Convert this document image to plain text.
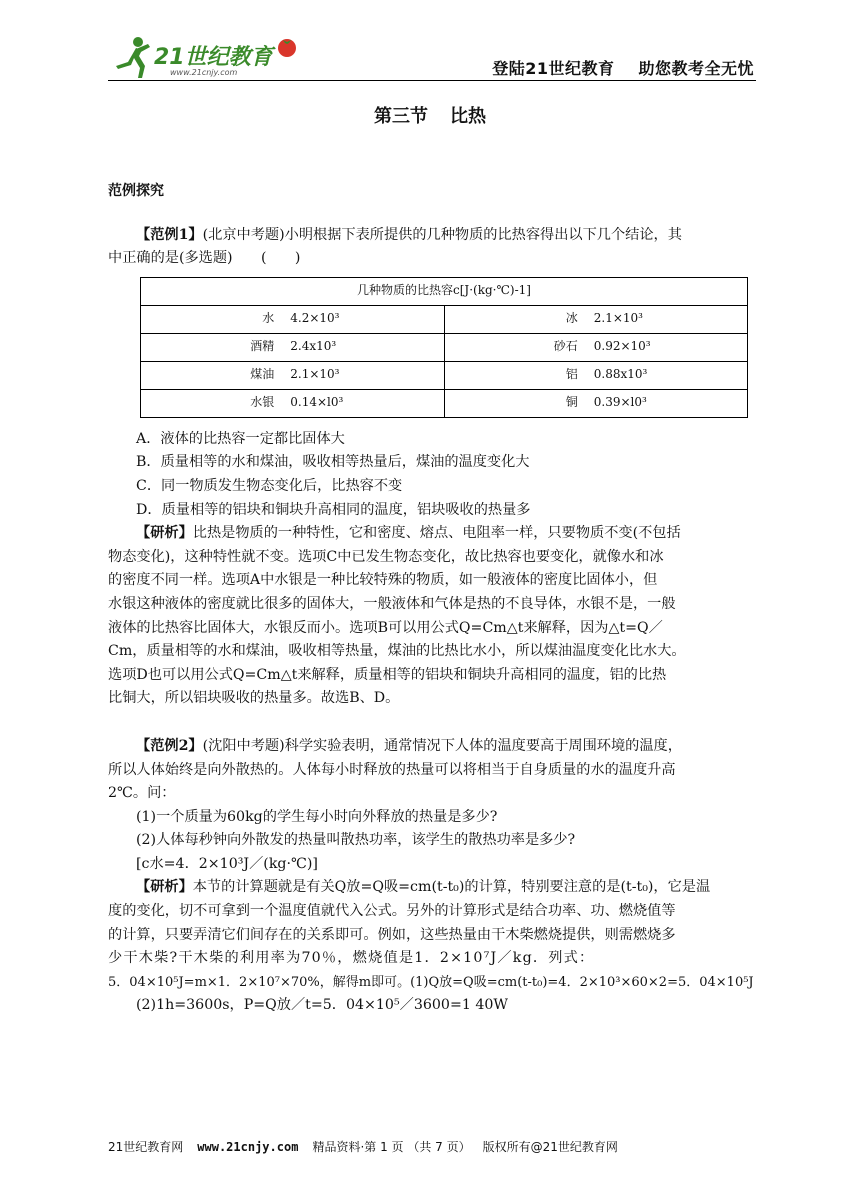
21世纪教育
www.21cnjy.com	登陆21世纪教育 助您教考全无忧
第三节 比热
范例探究

【范例1】(北京中考题)小明根据下表所提供的几种物质的比热容得出以下几个结论，其

中正确的是(多选题)　　(　　)

几种物质的比热容c[J·(kg·℃)-1]	
水 4.2×10³	冰 2.1×10³
酒精 2.4x10³	砂石 0.92×10³
煤油 2.1×10³	铝 0.88x10³
水银 0.14×l0³	铜 0.39×l0³

A．液体的比热容一定都比固体大

B．质量相等的水和煤油，吸收相等热量后，煤油的温度变化大

C．同一物质发生物态变化后，比热容不变

D．质量相等的铝块和铜块升高相同的温度，铝块吸收的热量多

【研析】比热是物质的一种特性，它和密度、熔点、电阻率一样，只要物质不变(不包括

物态变化)，这种特性就不变。选项C中已发生物态变化，故比热容也要变化，就像水和冰

的密度不同一样。选项A中水银是一种比较特殊的物质，如一般液体的密度比固体小，但

水银这种液体的密度就比很多的固体大，一般液体和气体是热的不良导体，水银不是，一般

液体的比热容比固体大，水银反而小。选项B可以用公式Q=Cm△t来解释，因为△t=Q／

Cm，质量相等的水和煤油，吸收相等热量，煤油的比热比水小，所以煤油温度变化比水大。

选项D也可以用公式Q=Cm△t来解释，质量相等的铝块和铜块升高相同的温度，铝的比热

比铜大，所以铝块吸收的热量多。故选B、D。

【范例2】(沈阳中考题)科学实验表明，通常情况下人体的温度要高于周围环境的温度，

所以人体始终是向外散热的。人体每小时释放的热量可以将相当于自身质量的水的温度升高

2℃。问：

(1)一个质量为60kg的学生每小时向外释放的热量是多少?

(2)人体每秒钟向外散发的热量叫散热功率，该学生的散热功率是多少?

[c水=4．2×10³J／(kg·℃)]

【研析】本节的计算题就是有关Q放=Q吸=cm(t-t₀)的计算，特别要注意的是(t-t₀)，它是温

度的变化，切不可拿到一个温度值就代入公式。另外的计算形式是结合功率、功、燃烧值等

的计算，只要弄清它们间存在的关系即可。例如，这些热量由干木柴燃烧提供，则需燃烧多

少干木柴?干木柴的利用率为70％，燃烧值是1．2×10⁷J／kg．列式：

5．04×10⁵J=m×1．2×10⁷×70%，解得m即可。(1)Q放=Q吸=cm(t-t₀)=4．2×10³×60×2=5．04×10⁵J

(2)1h=3600s，P=Q放／t=5．04×10⁵／3600=1 40W

21世纪教育网 www.21cnjy.com 精品资料·第 1 页 （共 7 页） 版权所有@21世纪教育网
